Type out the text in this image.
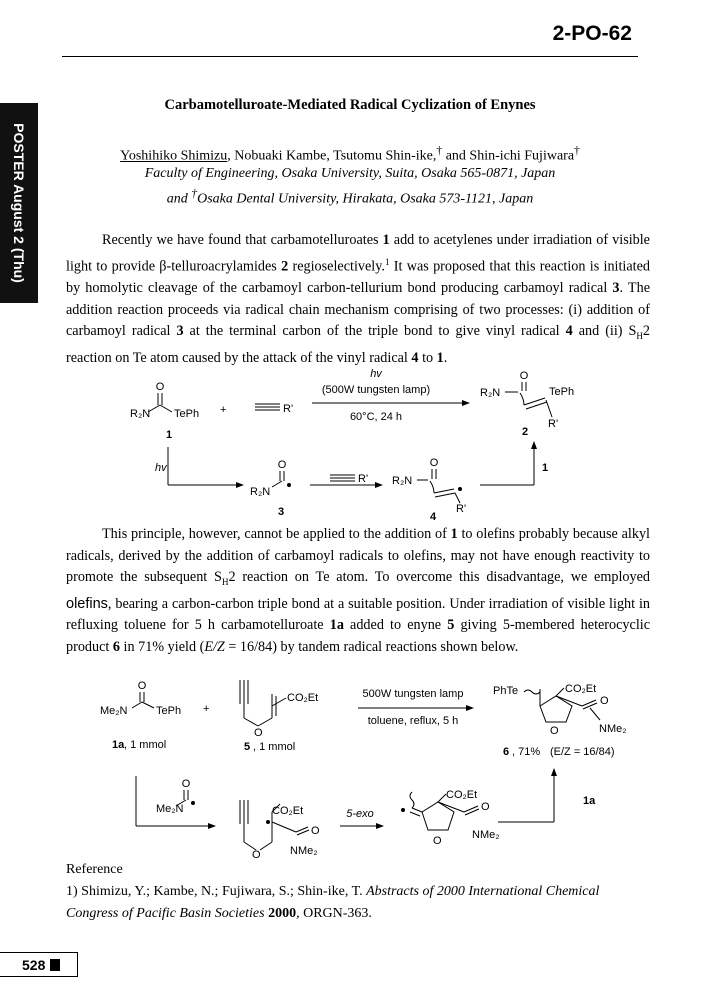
2-PO-62
POSTER August 2 (Thu)
Carbamotelluroate-Mediated Radical Cyclization of Enynes
Yoshihiko Shimizu, Nobuaki Kambe, Tsutomu Shin-ike,† and Shin-ichi Fujiwara†
Faculty of Engineering, Osaka University, Suita, Osaka 565-0871, Japan
and †Osaka Dental University, Hirakata, Osaka 573-1121, Japan

Recently we have found that carbamotelluroates 1 add to acetylenes under irradiation of visible light to provide β-telluroacrylamides 2 regioselectively.$^1$ It was proposed that this reaction is initiated by homolytic cleavage of the carbamoyl carbon-tellurium bond producing carbamoyl radical 3. The addition reaction proceeds via radical chain mechanism comprising of two processes: (i) addition of carbamoyl radical 3 at the terminal carbon of the triple bond to give vinyl radical 4 and (ii) $S_H2$ reaction on Te atom caused by the attack of the vinyl radical 4 to 1.

O
R₂N TePh
1
+	R'
hv
(500W tungsten lamp)
60°C, 24 h
R₂N
O
TePh
R'
2
hv	O
R₂N
3
R' R₂N
O
R'
4
1

This principle, however, cannot be applied to the addition of 1 to olefins probably because alkyl radicals, derived by the addition of carbamoyl radicals to olefins, may not have enough reactivity to promote the subsequent $S_H2$ reaction on Te atom. To overcome this disadvantage, we employed olefins, bearing a carbon-carbon triple bond at a suitable position. Under irradiation of visible light in refluxing toluene for 5 h carbamotelluroate 1a added to enyne 5 giving 5-membered heterocyclic product 6 in 71% yield (E/Z = 16/84) by tandem radical reactions shown below.

O
Me₂N	TePh
1a , 1 mmol
+
CO₂Et
O
5 , 1 mmol
500W tungsten lamp
toluene, reflux, 5 h
PhTe	CO₂Et
O
NMe₂
O
6 , 71% (E/Z = 16/84)
O
Me₂N	CO₂Et
O
NMe₂
O
5-exo
CO₂Et
O
NMe₂
O
1a
Reference
1) Shimizu, Y.; Kambe, N.; Fujiwara, S.; Shin-ike, T. Abstracts of 2000 International Chemical Congress of Pacific Basin Societies 2000, ORGN-363.
528
